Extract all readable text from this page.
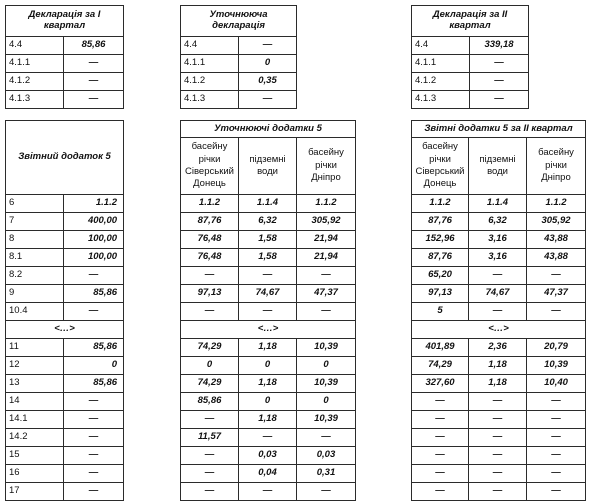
Декларація за І квартал	
4.4	85,86
4.1.1	—
4.1.2	—
4.1.3	—
Уточнююча декларація	
4.4	—
4.1.1	0
4.1.2	0,35
4.1.3	—
Декларація за ІІ квартал	
4.4	339,18
4.1.1	—
4.1.2	—
4.1.3	—
Звітний додаток 5	
6	1.1.2
7	400,00
8	100,00
8.1	100,00
8.2	—
9	85,86
10.4	—
<…>	
11	85,86
12	0
13	85,86
14	—
14.1	—
14.2	—
15	—
16	—
17	—
Уточнюючі додатки 5		
басейну річки Сіверський Донець	підземні води	басейну річки Дніпро
1.1.2	1.1.4	1.1.2
87,76	6,32	305,92
76,48	1,58	21,94
76,48	1,58	21,94
—	—	—
97,13	74,67	47,37
—	—	—
<…>		
74,29	1,18	10,39
0	0	0
74,29	1,18	10,39
85,86	0	0
—	1,18	10,39
11,57	—	—
—	0,03	0,03
—	0,04	0,31
—	—	—
Звітні додатки 5 за ІІ квартал		
басейну річки Сіверський Донець	підземні води	басейну річки Дніпро
1.1.2	1.1.4	1.1.2
87,76	6,32	305,92
152,96	3,16	43,88
87,76	3,16	43,88
65,20	—	—
97,13	74,67	47,37
5	—	—
<…>		
401,89	2,36	20,79
74,29	1,18	10,39
327,60	1,18	10,40
—	—	—
—	—	—
—	—	—
—	—	—
—	—	—
—	—	—
